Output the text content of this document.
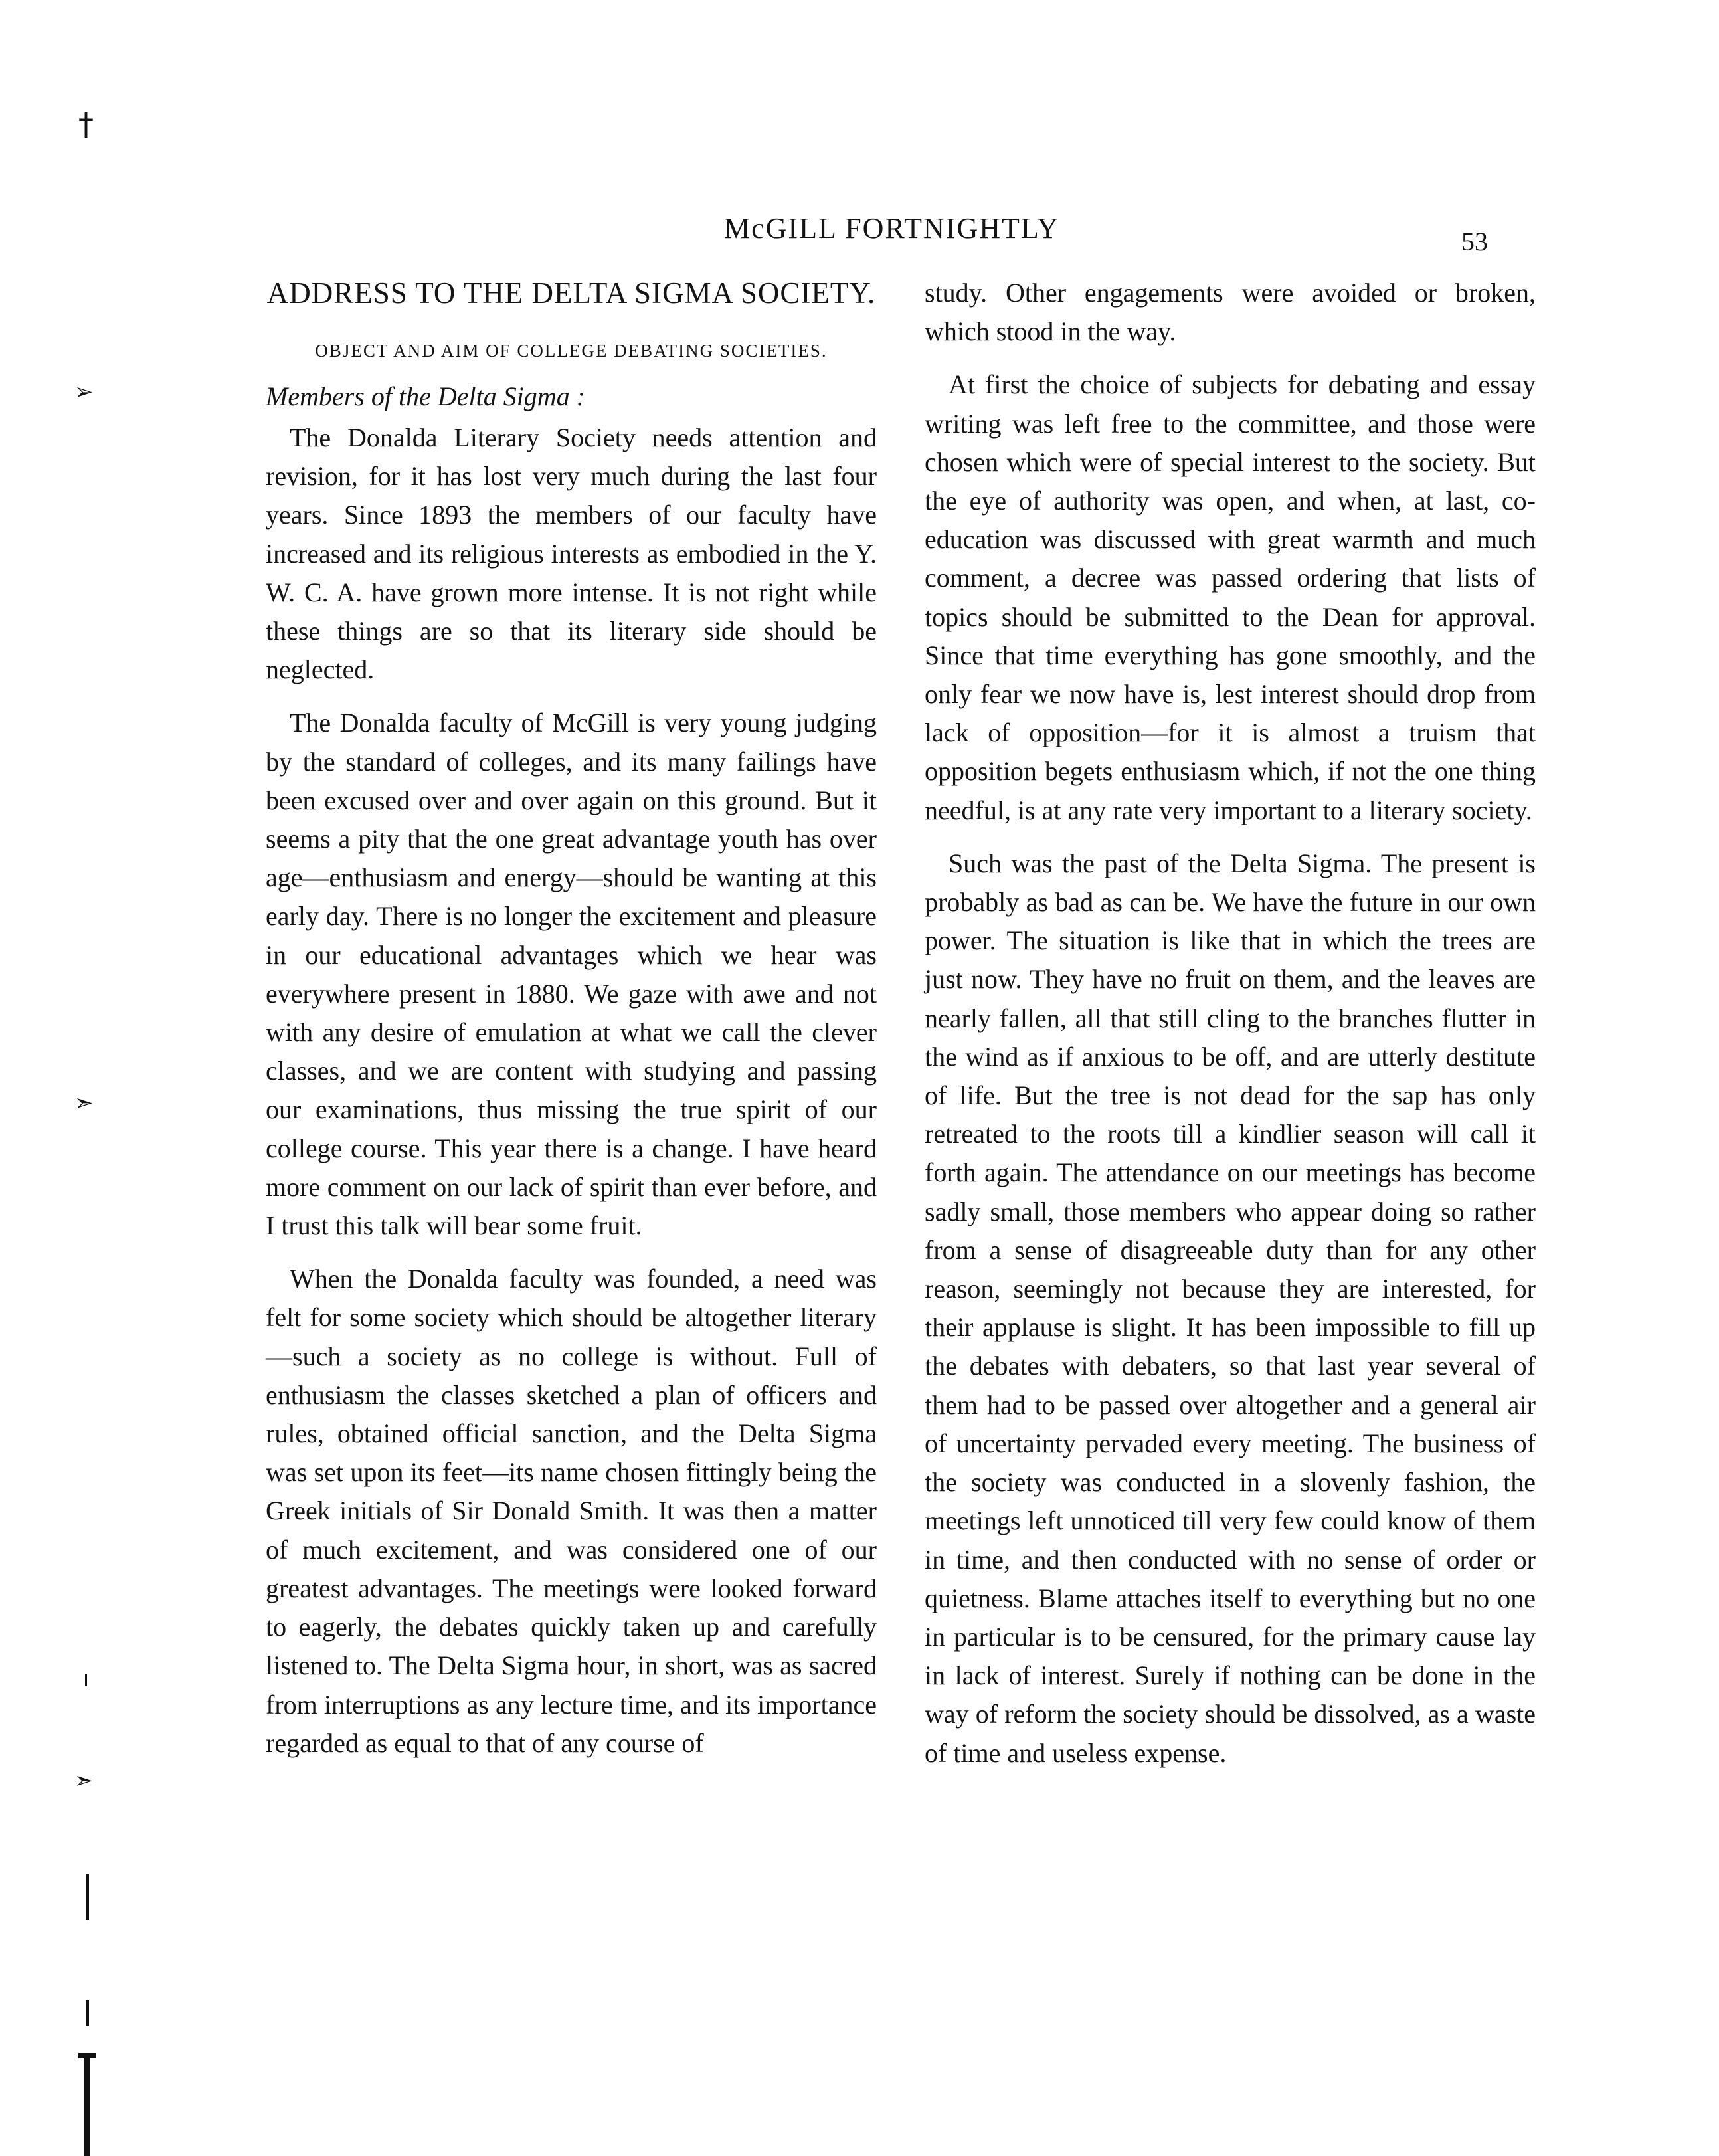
†
➢
➣
➣
McGILL FORTNIGHTLY	53
ADDRESS TO THE DELTA SIGMA SOCIETY.
OBJECT AND AIM OF COLLEGE DEBATING SOCIETIES.
Members of the Delta Sigma :

The Donalda Literary Society needs attention and revision, for it has lost very much during the last four years. Since 1893 the members of our faculty have increased and its religious interests as embodied in the Y. W. C. A. have grown more intense. It is not right while these things are so that its literary side should be neglected.

The Donalda faculty of McGill is very young judging by the standard of colleges, and its many failings have been excused over and over again on this ground. But it seems a pity that the one great advantage youth has over age—enthusiasm and energy—should be wanting at this early day. There is no longer the excitement and pleasure in our educational advantages which we hear was everywhere present in 1880. We gaze with awe and not with any desire of emulation at what we call the clever classes, and we are content with studying and passing our examinations, thus missing the true spirit of our college course. This year there is a change. I have heard more comment on our lack of spirit than ever before, and I trust this talk will bear some fruit.

When the Donalda faculty was founded, a need was felt for some society which should be altogether literary—such a society as no college is without. Full of enthusiasm the classes sketched a plan of officers and rules, obtained official sanction, and the Delta Sigma was set upon its feet—its name chosen fittingly being the Greek initials of Sir Donald Smith. It was then a matter of much excitement, and was considered one of our greatest advantages. The meetings were looked forward to eagerly, the debates quickly taken up and carefully listened to. The Delta Sigma hour, in short, was as sacred from interruptions as any lecture time, and its importance regarded as equal to that of any course of

study. Other engagements were avoided or broken, which stood in the way.

At first the choice of subjects for debating and essay writing was left free to the committee, and those were chosen which were of special interest to the society. But the eye of authority was open, and when, at last, co-education was discussed with great warmth and much comment, a decree was passed ordering that lists of topics should be submitted to the Dean for approval. Since that time everything has gone smoothly, and the only fear we now have is, lest interest should drop from lack of opposition—for it is almost a truism that opposition begets enthusiasm which, if not the one thing needful, is at any rate very important to a literary society.

Such was the past of the Delta Sigma. The present is probably as bad as can be. We have the future in our own power. The situation is like that in which the trees are just now. They have no fruit on them, and the leaves are nearly fallen, all that still cling to the branches flutter in the wind as if anxious to be off, and are utterly destitute of life. But the tree is not dead for the sap has only retreated to the roots till a kindlier season will call it forth again. The attendance on our meetings has become sadly small, those members who appear doing so rather from a sense of disagreeable duty than for any other reason, seemingly not because they are interested, for their applause is slight. It has been impossible to fill up the debates with debaters, so that last year several of them had to be passed over altogether and a general air of uncertainty pervaded every meeting. The business of the society was conducted in a slovenly fashion, the meetings left unnoticed till very few could know of them in time, and then conducted with no sense of order or quietness. Blame attaches itself to everything but no one in particular is to be censured, for the primary cause lay in lack of interest. Surely if nothing can be done in the way of reform the society should be dissolved, as a waste of time and useless expense.
